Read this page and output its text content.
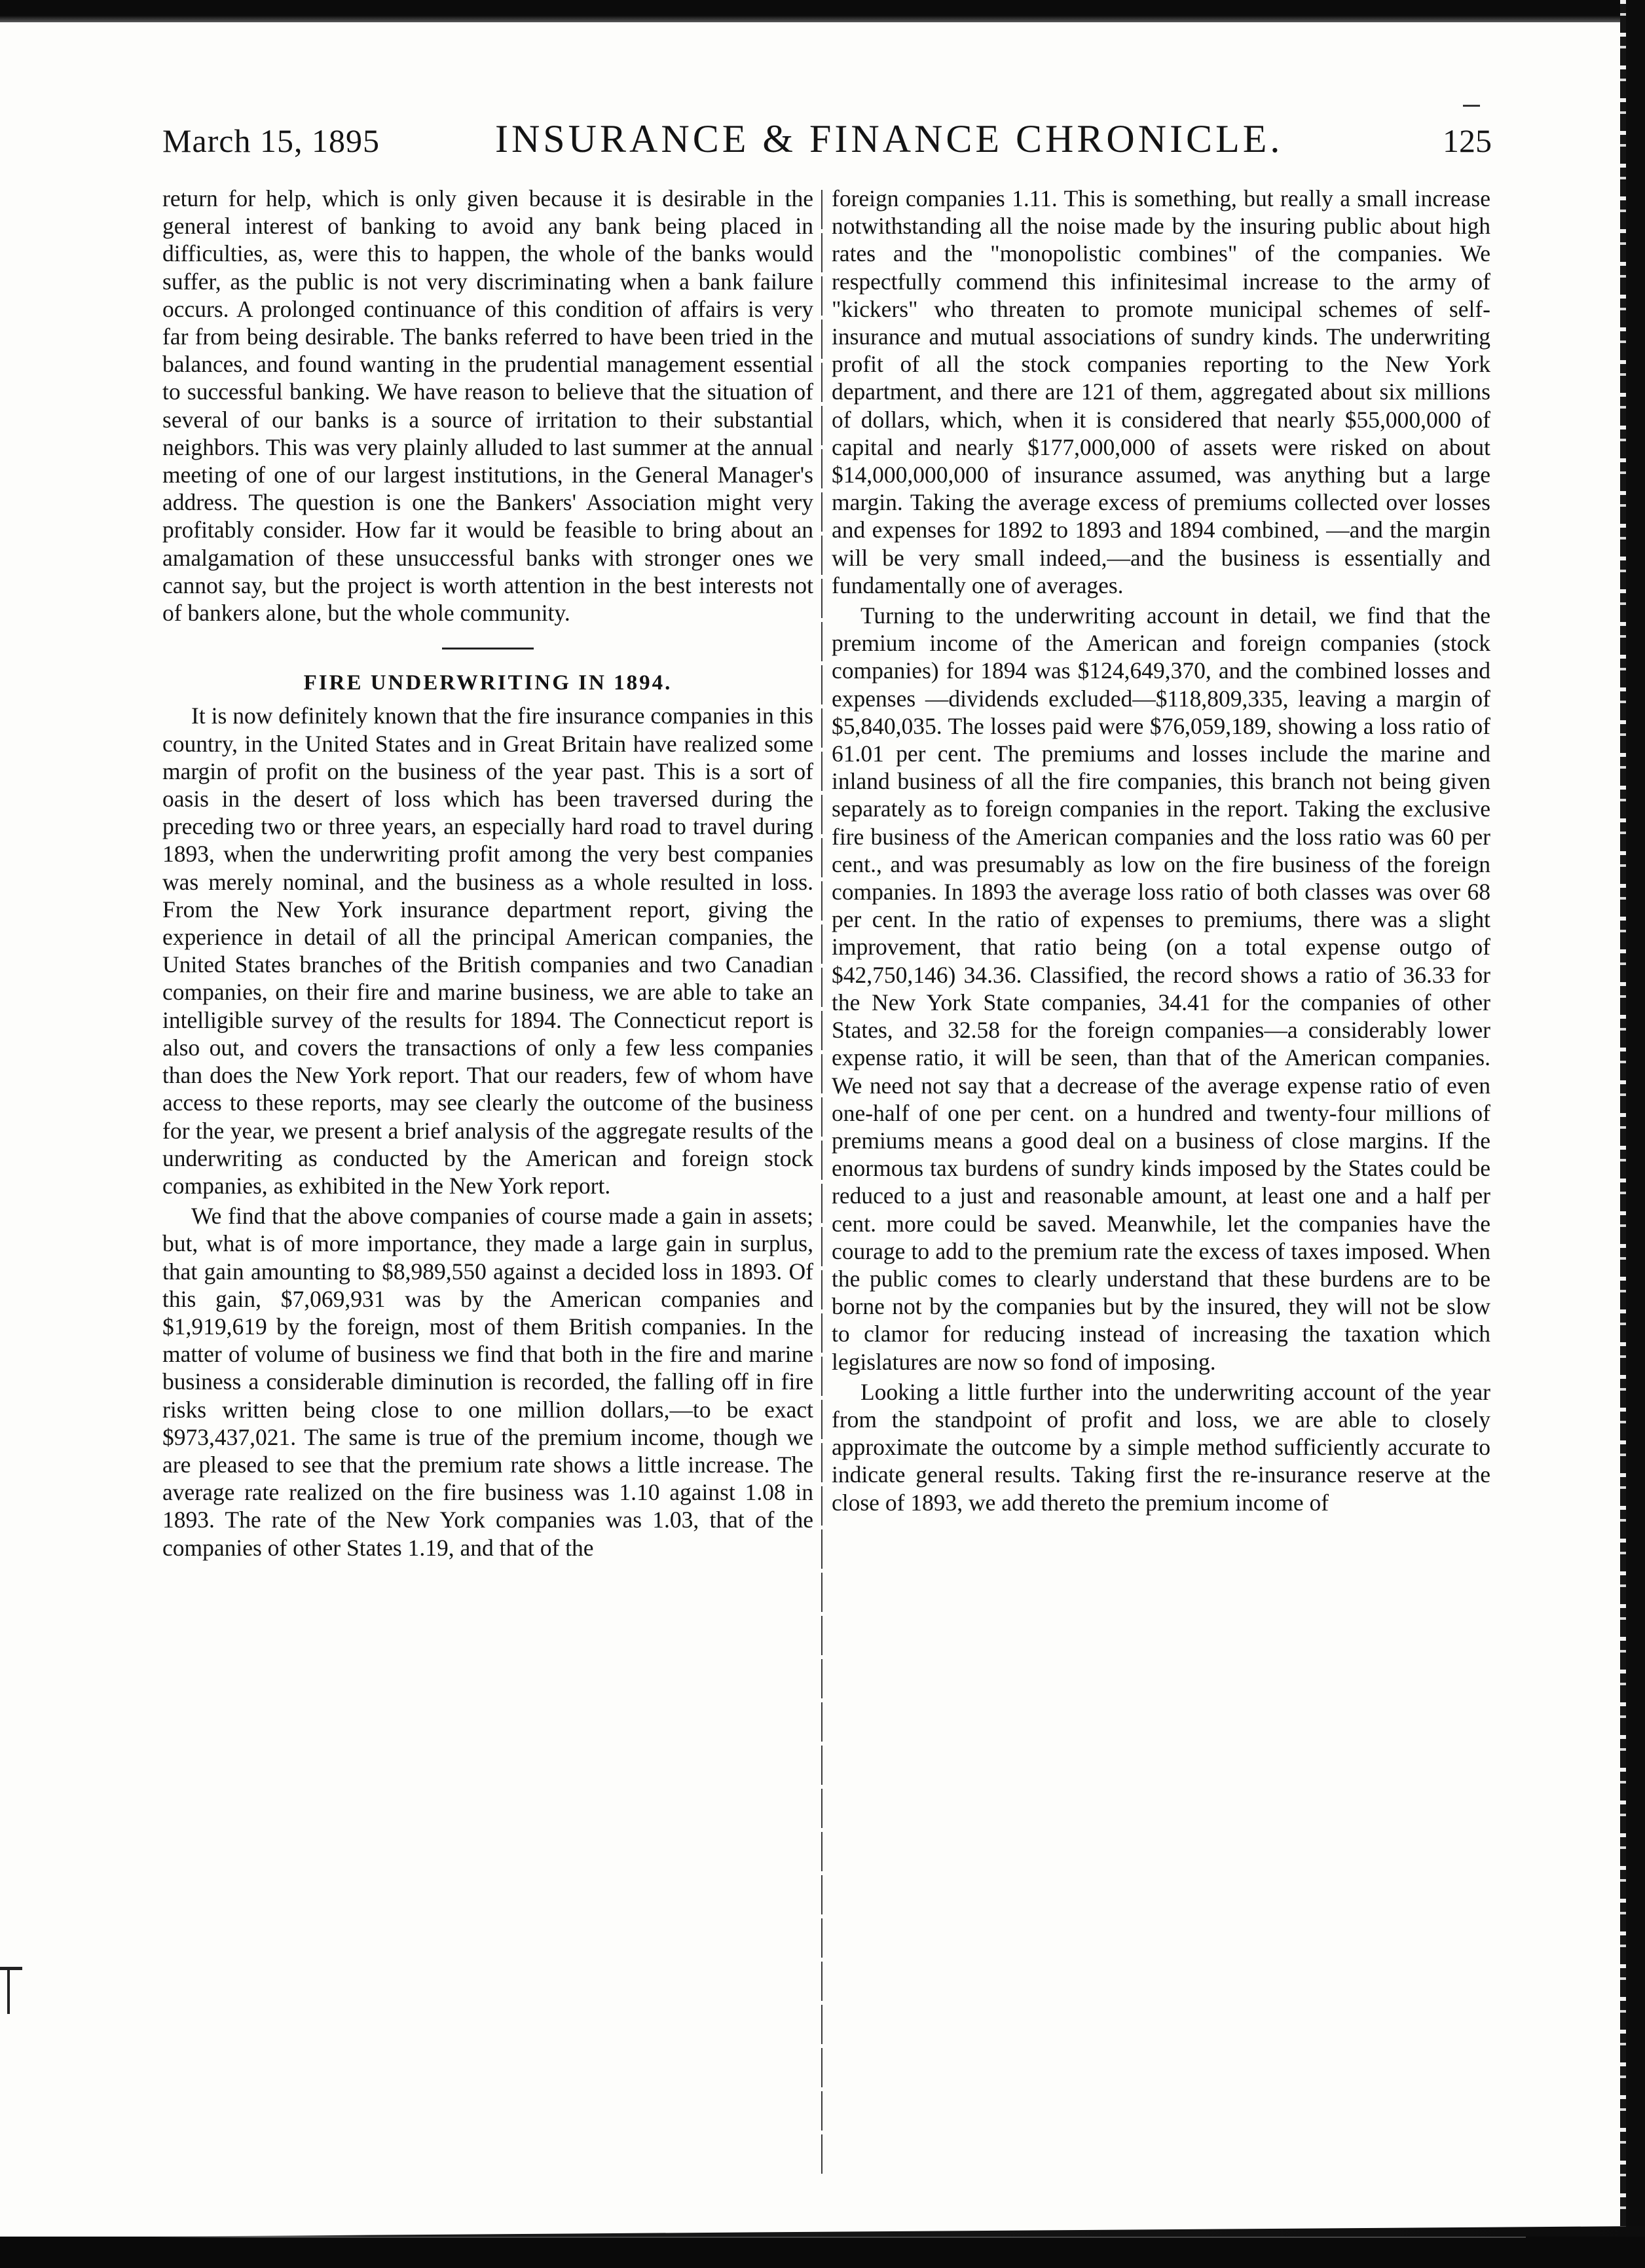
March 15, 1895	INSURANCE & FINANCE CHRONICLE.	125

return for help, which is only given because it is desirable in the general interest of banking to avoid any bank being placed in difficulties, as, were this to happen, the whole of the banks would suffer, as the public is not very discriminating when a bank failure occurs. A prolonged continuance of this condition of affairs is very far from being desirable. The banks referred to have been tried in the balances, and found wanting in the prudential management essential to successful banking. We have reason to believe that the situation of several of our banks is a source of irritation to their substantial neighbors. This was very plainly alluded to last summer at the annual meeting of one of our largest institutions, in the General Manager's address. The question is one the Bankers' Association might very profitably consider. How far it would be feasible to bring about an amalgamation of these unsuccessful banks with stronger ones we cannot say, but the project is worth attention in the best interests not of bankers alone, but the whole community.

FIRE UNDERWRITING IN 1894.

It is now definitely known that the fire insurance companies in this country, in the United States and in Great Britain have realized some margin of profit on the business of the year past. This is a sort of oasis in the desert of loss which has been traversed during the preceding two or three years, an especially hard road to travel during 1893, when the underwriting profit among the very best companies was merely nominal, and the business as a whole resulted in loss. From the New York insurance department report, giving the experience in detail of all the principal American companies, the United States branches of the British companies and two Canadian companies, on their fire and marine business, we are able to take an intelligible survey of the results for 1894. The Connecticut report is also out, and covers the transactions of only a few less companies than does the New York report. That our readers, few of whom have access to these reports, may see clearly the outcome of the business for the year, we present a brief analysis of the aggregate results of the underwriting as conducted by the American and foreign stock companies, as exhibited in the New York report.

We find that the above companies of course made a gain in assets; but, what is of more importance, they made a large gain in surplus, that gain amounting to $8,989,550 against a decided loss in 1893. Of this gain, $7,069,931 was by the American companies and $1,919,619 by the foreign, most of them British companies. In the matter of volume of business we find that both in the fire and marine business a considerable diminution is recorded, the falling off in fire risks written being close to one million dollars,—to be exact $973,437,021. The same is true of the premium income, though we are pleased to see that the premium rate shows a little increase. The average rate realized on the fire business was 1.10 against 1.08 in 1893. The rate of the New York companies was 1.03, that of the companies of other States 1.19, and that of the

foreign companies 1.11. This is something, but really a small increase notwithstanding all the noise made by the insuring public about high rates and the "monopolistic combines" of the companies. We respectfully commend this infinitesimal increase to the army of "kickers" who threaten to promote municipal schemes of self-insurance and mutual associations of sundry kinds. The underwriting profit of all the stock companies reporting to the New York department, and there are 121 of them, aggregated about six millions of dollars, which, when it is considered that nearly $55,000,000 of capital and nearly $177,000,000 of assets were risked on about $14,000,000,000 of insurance assumed, was anything but a large margin. Taking the average excess of premiums collected over losses and expenses for 1892 to 1893 and 1894 combined, —and the margin will be very small indeed,—and the business is essentially and fundamentally one of averages.

Turning to the underwriting account in detail, we find that the premium income of the American and foreign companies (stock companies) for 1894 was $124,649,370, and the combined losses and expenses —dividends excluded—$118,809,335, leaving a margin of $5,840,035. The losses paid were $76,059,189, showing a loss ratio of 61.01 per cent. The premiums and losses include the marine and inland business of all the fire companies, this branch not being given separately as to foreign companies in the report. Taking the exclusive fire business of the American companies and the loss ratio was 60 per cent., and was presumably as low on the fire business of the foreign companies. In 1893 the average loss ratio of both classes was over 68 per cent. In the ratio of expenses to premiums, there was a slight improvement, that ratio being (on a total expense outgo of $42,750,146) 34.36. Classified, the record shows a ratio of 36.33 for the New York State companies, 34.41 for the companies of other States, and 32.58 for the foreign companies—a considerably lower expense ratio, it will be seen, than that of the American companies. We need not say that a decrease of the average expense ratio of even one-half of one per cent. on a hundred and twenty-four millions of premiums means a good deal on a business of close margins. If the enormous tax burdens of sundry kinds imposed by the States could be reduced to a just and reasonable amount, at least one and a half per cent. more could be saved. Meanwhile, let the companies have the courage to add to the premium rate the excess of taxes imposed. When the public comes to clearly understand that these burdens are to be borne not by the companies but by the insured, they will not be slow to clamor for reducing instead of increasing the taxation which legislatures are now so fond of imposing.

Looking a little further into the underwriting account of the year from the standpoint of profit and loss, we are able to closely approximate the outcome by a simple method sufficiently accurate to indicate general results. Taking first the re-insurance reserve at the close of 1893, we add thereto the premium income of
